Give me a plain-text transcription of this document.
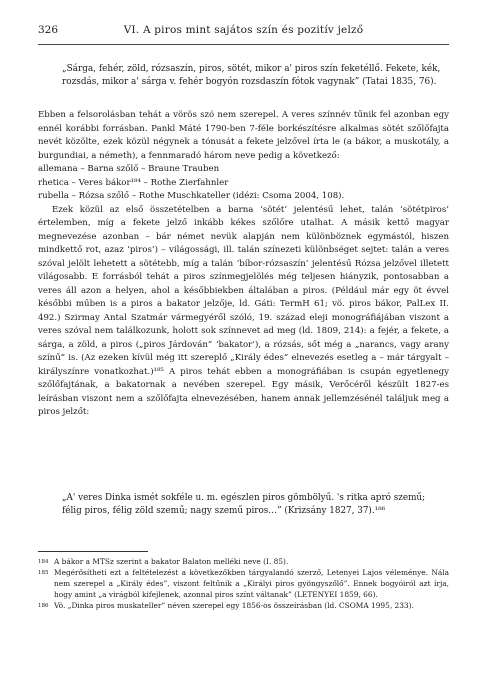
326	VI. A piros mint sajátos szín és pozitív jelző
„Sárga, fehér, zöld, rózsaszín, piros, sötét, mikor a' piros szín feketéllő. Fekete, kék, rozsdás, mikor a' sárga v. fehér bogyón rozsdaszín fótok vagynak” (Tatai 1835, 76).

Ebben a felsorolásban tehát a vörös szó nem szerepel. A veres színnév tűnik fel azonban egy ennél korábbi forrásban. Pankl Máté 1790-ben 7-féle borkészítésre alkalmas sötét szőlőfajta nevét közölte, ezek közül négynek a tónusát a fekete jelzővel írta le (a bákor, a muskotály, a burgundiai, a németh), a fennmaradó három neve pedig a következő:

allemana – Barna szőlő – Braune Trauben
rhetica – Veres bákor¹⁸⁴ – Rothe Zierfahnler
rubella – Rózsa szőlő – Rothe Muschkateller (idézi: Csoma 2004, 108).

Ezek közül az első összetételben a barna ‘sötét’ jelentésű lehet, talán ‘sötétpiros’ értelemben, míg a fekete jelző inkább kékes szőlőre utalhat. A másik kettő magyar megnevezése azonban – bár német nevük alapján nem különböznek egymástól, hiszen mindkettő rot, azaz ‘piros’) – világossági, ill. talán színezeti különbséget sejtet: talán a veres szóval jelölt lehetett a sötétebb, míg a talán ‘bíbor-rózsaszín’ jelentésű Rózsa jelzővel illetett világosabb. E forrásból tehát a piros színmegjelölés még teljesen hiányzik, pontosabban a veres áll azon a helyen, ahol a későbbiekben általában a piros. (Például már egy öt évvel későbbi műben is a piros a bakator jelzője, ld. Gáti: TermH 61; vö. piros bákor, PalLex II. 492.) Szirmay Antal Szatmár vármegyéről szóló, 19. század eleji monográfiájában viszont a veres szóval nem találkozunk, holott sok színnevet ad meg (ld. 1809, 214): a fejér, a fekete, a sárga, a zöld, a piros („piros Járdován” ‘bakator’), a rózsás, sőt még a „narancs, vagy arany színű” is. (Az ezeken kívül még itt szereplő „Király édes” elnevezés esetleg a – már tárgyalt – királyszínre vonatkozhat.)¹⁸⁵ A piros tehát ebben a monográfiában is csupán egyetlenegy szőlőfajtának, a bakatornak a nevében szerepel. Egy másik, Verőcéről készült 1827-es leírásban viszont nem a szőlőfajta elnevezésében, hanem annak jellemzésénél találjuk meg a piros jelzőt:

„A' veres Dinka ismét sokféle u. m. egészlen piros gömbölyű. 's ritka apró szemű; félig piros, félig zöld szemű; nagy szemű piros…” (Krizsány 1827, 37).¹⁸⁶
184 A bákor a MTSz szerint a bakator Balaton melléki neve (I. 85).
185 Megérősítheti ezt a feltételezést a következőkben tárgyalandó szerző, Letenyei Lajos véleménye. Nála nem szerepel a „Király édes”, viszont feltűnik a „Királyi piros gyöngyszőlő”. Ennek bogyóiról azt írja, hogy amint „a virágból kifejlenek, azonnal piros színt váltanak” (LETENYEI 1859, 66).
186 Vö. „Dinka piros muskateller” néven szerepel egy 1856-os összeírásban (ld. CSOMA 1995, 233).
